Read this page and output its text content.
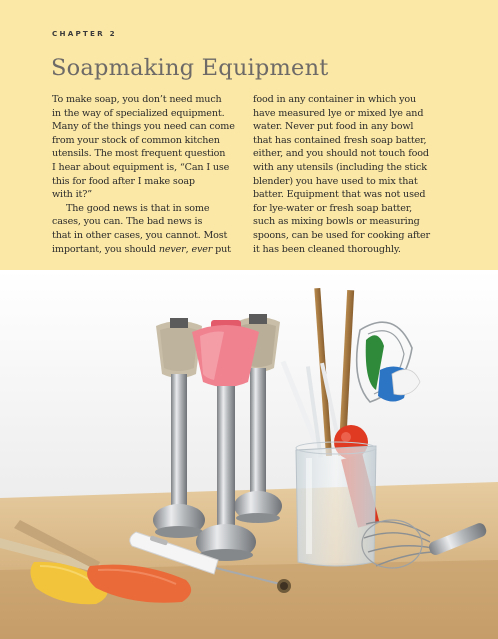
CHAPTER 2
Soapmaking Equipment

To make soap, you don’t need much
in the way of specialized equipment.
Many of the things you need can come
from your stock of common kitchen
utensils. The most frequent question
I hear about equipment is, “Can I use
this for food after I make soap
with it?”

The good news is that in some
cases, you can. The bad news is
that in other cases, you cannot. Most
important, you should never, ever put

food in any container in which you
have measured lye or mixed lye and
water. Never put food in any bowl
that has contained fresh soap batter,
either, and you should not touch food
with any utensils (including the stick
blender) you have used to mix that
batter. Equipment that was not used
for lye-water or fresh soap batter,
such as mixing bowls or measuring
spoons, can be used for cooking after
it has been cleaned thoroughly.
